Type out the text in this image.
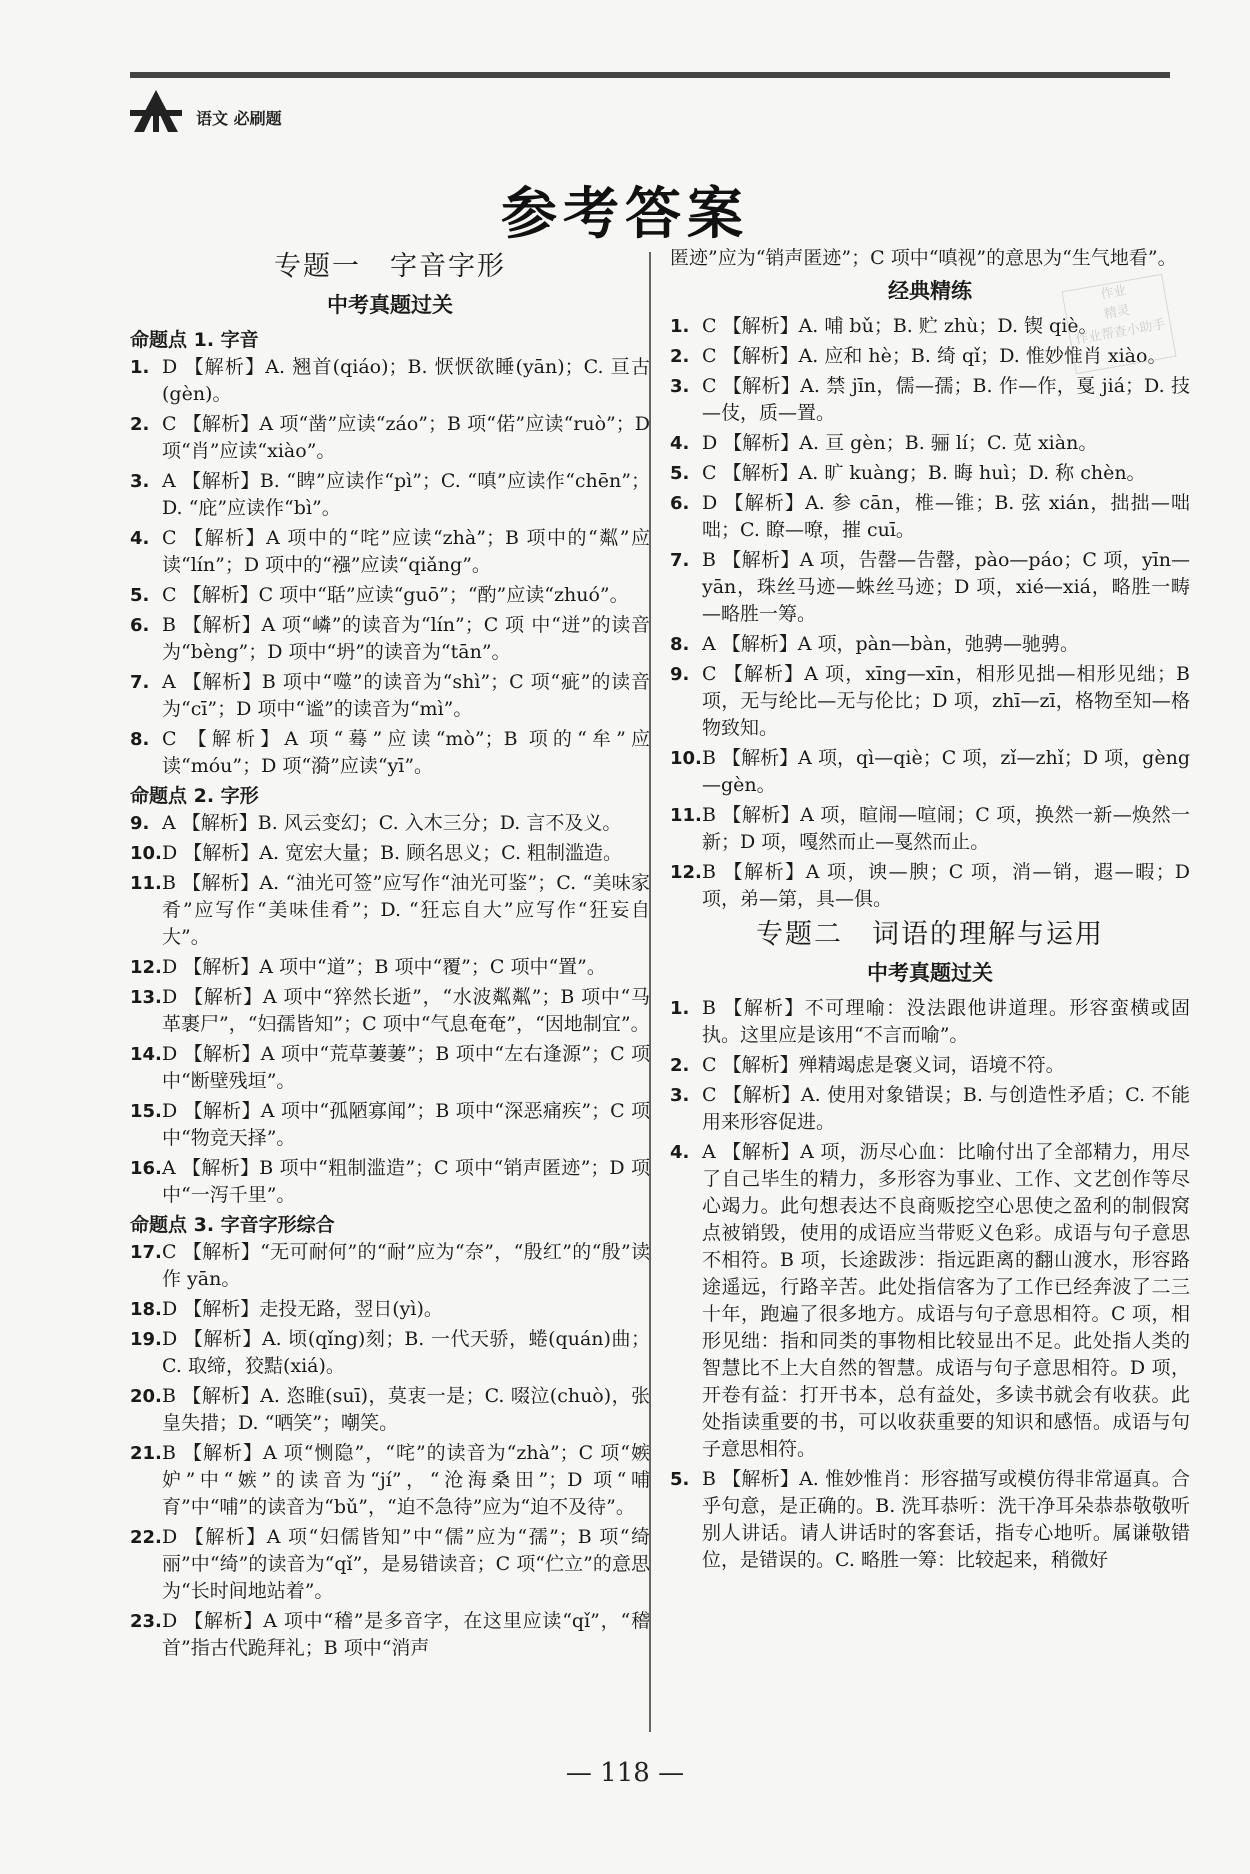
语文 必刷题
参考答案
专题一　字音字形
中考真题过关
命题点 1. 字音
1. D 【解析】A. 翘首(qiáo)；B. 恹恹欲睡(yān)；C. 亘古(gèn)。
2. C 【解析】A 项“凿”应读“záo”；B 项“偌”应读“ruò”；D 项“肖”应读“xiào”。
3. A 【解析】B. “睥”应读作“pì”；C. “嗔”应读作“chēn”；D. “庇”应读作“bì”。
4. C 【解析】A 项中的“咤”应读“zhà”；B 项中的“粼”应读“lín”；D 项中的“襁”应读“qiǎng”。
5. C 【解析】C 项中“聒”应读“guō”；“酌”应读“zhuó”。
6. B 【解析】A 项“嶙”的读音为“lín”；C 项 中“迸”的读音为“bèng”；D 项中“坍”的读音为“tān”。
7. A 【解析】B 项中“噬”的读音为“shì”；C 项“疵”的读音为“cī”；D 项中“谧”的读音为“mì”。
8. C 【解析】A 项“蓦”应读“mò”；B 项的“牟”应读“móu”；D 项“漪”应读“yī”。
命题点 2. 字形
9. A 【解析】B. 风云变幻；C. 入木三分；D. 言不及义。
10. D 【解析】A. 宽宏大量；B. 顾名思义；C. 粗制滥造。
11. B 【解析】A. “油光可签”应写作“油光可鉴”；C. “美味家肴”应写作“美味佳肴”；D. “狂忘自大”应写作“狂妄自大”。
12. D 【解析】A 项中“道”；B 项中“覆”；C 项中“置”。
13. D 【解析】A 项中“猝然长逝”，“水波粼粼”；B 项中“马革裹尸”，“妇孺皆知”；C 项中“气息奄奄”，“因地制宜”。
14. D 【解析】A 项中“荒草萋萋”；B 项中“左右逢源”；C 项中“断壁残垣”。
15. D 【解析】A 项中“孤陋寡闻”；B 项中“深恶痛疾”；C 项中“物竞天择”。
16. A 【解析】B 项中“粗制滥造”；C 项中“销声匿迹”；D 项中“一泻千里”。
命题点 3. 字音字形综合
17. C 【解析】“无可耐何”的“耐”应为“奈”，“殷红”的“殷”读作 yān。
18. D 【解析】走投无路，翌日(yì)。
19. D 【解析】A. 顷(qǐng)刻；B. 一代天骄，蜷(quán)曲；C. 取缔，狡黠(xiá)。
20. B 【解析】A. 恣睢(suī)，莫衷一是；C. 啜泣(chuò)，张皇失措；D. “哂笑”；嘲笑。
21. B 【解析】A 项“恻隐”，“咤”的读音为“zhà”；C 项“嫉妒”中“嫉”的读音为“jí”，“沧海桑田”；D 项“哺育”中“哺”的读音为“bǔ”，“迫不急待”应为“迫不及待”。
22. D 【解析】A 项“妇儒皆知”中“儒”应为“孺”；B 项“绮丽”中“绮”的读音为“qǐ”，是易错读音；C 项“伫立”的意思为“长时间地站着”。
23. D 【解析】A 项中“稽”是多音字，在这里应读“qǐ”，“稽首”指古代跪拜礼；B 项中“消声
匿迹”应为“销声匿迹”；C 项中“嗔视”的意思为“生气地看”。
经典精练
1. C 【解析】A. 哺 bǔ；B. 贮 zhù；D. 锲 qiè。
2. C 【解析】A. 应和 hè；B. 绮 qǐ；D. 惟妙惟肖 xiào。
3. C 【解析】A. 禁 jīn，儒—孺；B. 作—作，戛 jiá；D. 技—伎，质—置。
4. D 【解析】A. 亘 gèn；B. 骊 lí；C. 苋 xiàn。
5. C 【解析】A. 旷 kuàng；B. 晦 huì；D. 称 chèn。
6. D 【解析】A. 参 cān，椎—锥；B. 弦 xián，拙拙—咄咄；C. 瞭—嘹，摧 cuī。
7. B 【解析】A 项，告罄—告罄，pào—páo；C 项，yīn—yān，珠丝马迹—蛛丝马迹；D 项，xié—xiá，略胜一畴—略胜一筹。
8. A 【解析】A 项，pàn—bàn，弛骋—驰骋。
9. C 【解析】A 项，xīng—xīn，相形见拙—相形见绌；B 项，无与纶比—无与伦比；D 项，zhī—zī，格物至知—格物致知。
10. B 【解析】A 项，qì—qiè；C 项，zǐ—zhǐ；D 项，gèng—gèn。
11. B 【解析】A 项，暄闹—喧闹；C 项，换然一新—焕然一新；D 项，嘎然而止—戛然而止。
12. B 【解析】A 项，谀—腴；C 项，消—销，遐—暇；D 项，弟—第，具—俱。
专题二　词语的理解与运用
中考真题过关
1. B 【解析】不可理喻：没法跟他讲道理。形容蛮横或固执。这里应是该用“不言而喻”。
2. C 【解析】殚精竭虑是褒义词，语境不符。
3. C 【解析】A. 使用对象错误；B. 与创造性矛盾；C. 不能用来形容促进。
4. A 【解析】A 项，沥尽心血：比喻付出了全部精力，用尽了自己毕生的精力，多形容为事业、工作、文艺创作等尽心竭力。此句想表达不良商贩挖空心思使之盈利的制假窝点被销毁，使用的成语应当带贬义色彩。成语与句子意思不相符。B 项，长途跋涉：指远距离的翻山渡水，形容路途遥远，行路辛苦。此处指信客为了工作已经奔波了二三十年，跑遍了很多地方。成语与句子意思相符。C 项，相形见绌：指和同类的事物相比较显出不足。此处指人类的智慧比不上大自然的智慧。成语与句子意思相符。D 项，开卷有益：打开书本，总有益处，多读书就会有收获。此处指读重要的书，可以收获重要的知识和感悟。成语与句子意思相符。
5. B 【解析】A. 惟妙惟肖：形容描写或模仿得非常逼真。合乎句意，是正确的。B. 洗耳恭听：洗干净耳朵恭恭敬敬听别人讲话。请人讲话时的客套话，指专心地听。属谦敬错位，是错误的。C. 略胜一筹：比较起来，稍微好
作业
精灵
作业帮查小助手
— 118 —
